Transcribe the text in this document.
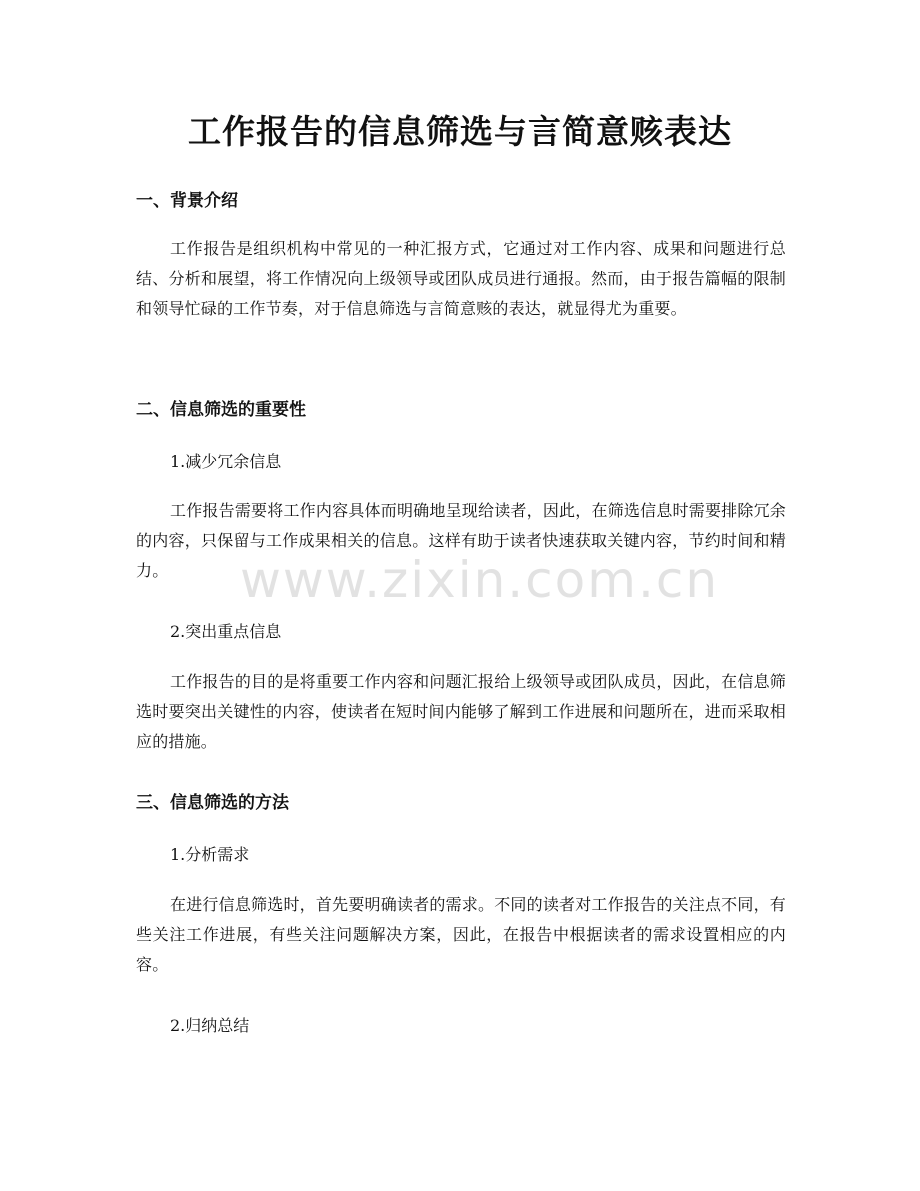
工作报告的信息筛选与言简意赅表达
一、背景介绍

工作报告是组织机构中常见的一种汇报方式，它通过对工作内容、成果和问题进行总结、分析和展望，将工作情况向上级领导或团队成员进行通报。然而，由于报告篇幅的限制和领导忙碌的工作节奏，对于信息筛选与言简意赅的表达，就显得尤为重要。

二、信息筛选的重要性

1.减少冗余信息

工作报告需要将工作内容具体而明确地呈现给读者，因此，在筛选信息时需要排除冗余的内容，只保留与工作成果相关的信息。这样有助于读者快速获取关键内容，节约时间和精力。

2.突出重点信息

工作报告的目的是将重要工作内容和问题汇报给上级领导或团队成员，因此，在信息筛选时要突出关键性的内容，使读者在短时间内能够了解到工作进展和问题所在，进而采取相应的措施。

三、信息筛选的方法

1.分析需求

在进行信息筛选时，首先要明确读者的需求。不同的读者对工作报告的关注点不同，有些关注工作进展，有些关注问题解决方案，因此，在报告中根据读者的需求设置相应的内容。

2.归纳总结

www.zixin.com.cn
